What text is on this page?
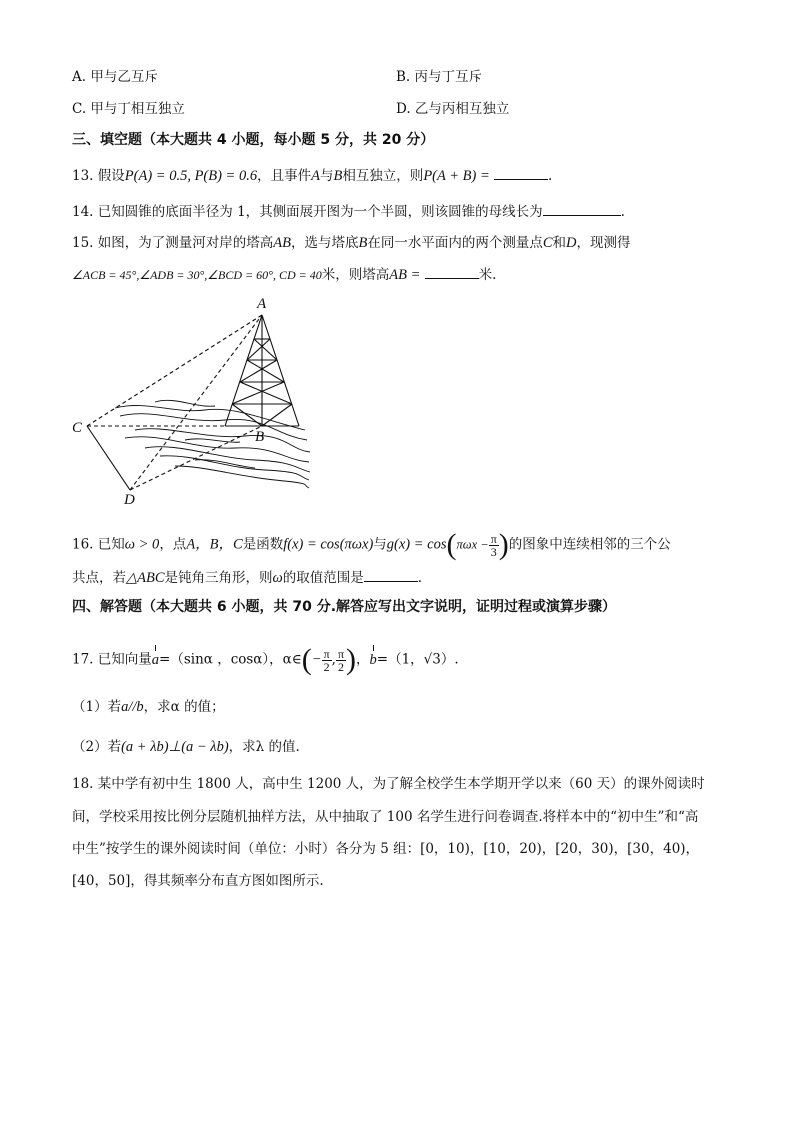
A. 甲与乙互斥	B. 丙与丁互斥
C. 甲与丁相互独立	D. 乙与丙相互独立
三、填空题（本大题共 4 小题，每小题 5 分，共 20 分）
13. 假设P(A) = 0.5, P(B) = 0.6，且事件A与B相互独立，则P(A + B) =	.
14. 已知圆锥的底面半径为 1，其侧面展开图为一个半圆，则该圆锥的母线长为	.
15. 如图，为了测量河对岸的塔高AB，选与塔底B在同一水平面内的两个测量点C和D，现测得
∠ACB = 45°,∠ADB = 30°,∠BCD = 60°, CD = 40米，则塔高AB =	米.
A
B
C
D
16. 已知ω > 0，点A，B，C是函数f(x) = cos(πωx)与$g(x) = \cos(\pi\omega x - \frac{\pi}{3}$ )的图象中连续相邻的三个公
共点，若△ABC是钝角三角形，则ω的取值范围是	.
四、解答题（本大题共 6 小题，共 70 分.解答应写出文字说明，证明过程或演算步骤）
17. 已知向量a=（sinα ，cosα），α∈(− $\frac{\pi}{2}$ , $\frac{\pi}{2}$ )，b=（1，√3）.
（1）若a//b，求α 的值；
（2）若(a + λb)⊥(a − λb)，求λ 的值.
18. 某中学有初中生 1800 人，高中生 1200 人，为了解全校学生本学期开学以来（60 天）的课外阅读时
间，学校采用按比例分层随机抽样方法，从中抽取了 100 名学生进行问卷调查.将样本中的“初中生”和“高
中生”按学生的课外阅读时间（单位：小时）各分为 5 组：[0，10)，[10，20)，[20，30)，[30，40)，
[40，50]，得其频率分布直方图如图所示.
